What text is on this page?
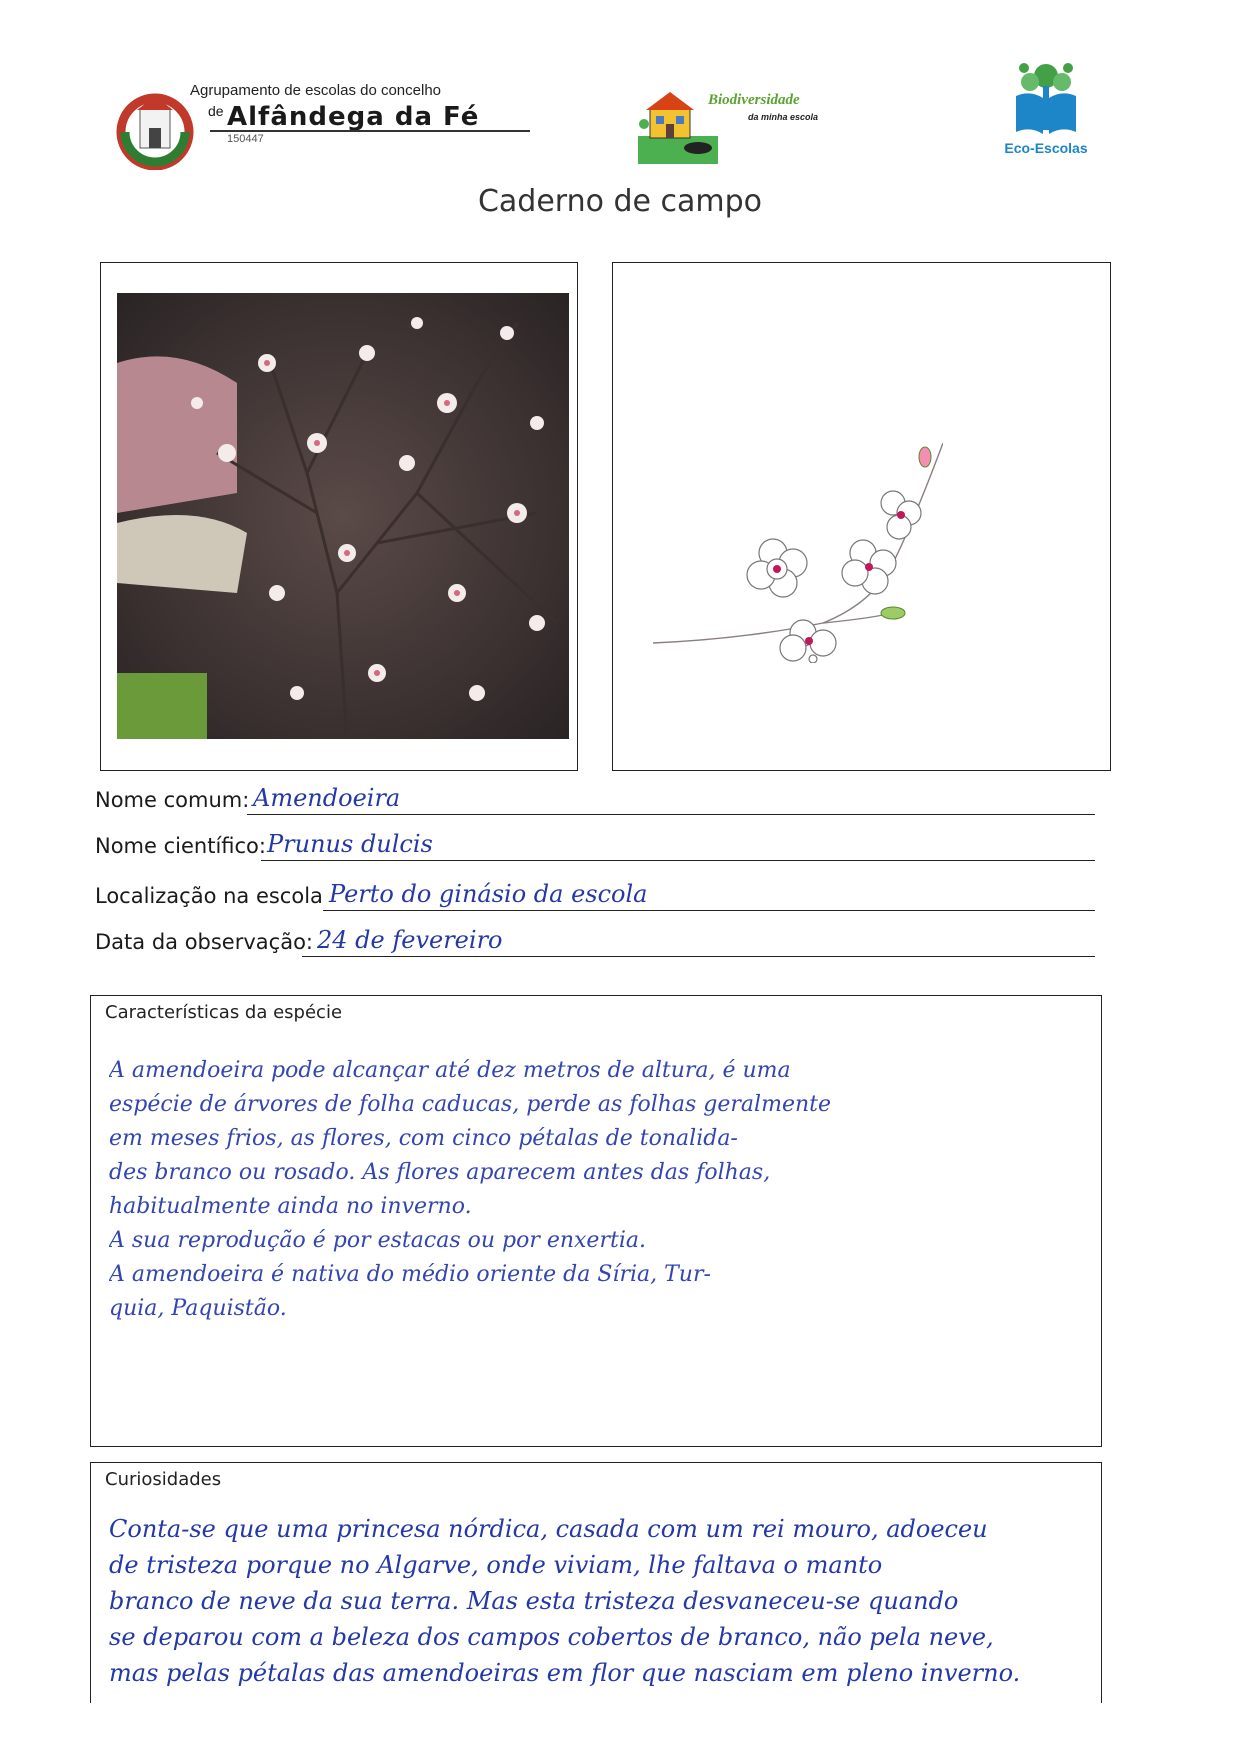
Agrupamento de escolas do concelho
de Alfândega da Fé
150447
Biodiversidade
da minha escola
Eco-Escolas
Caderno de campo
Nome comum: Amendoeira
Nome científico: Prunus dulcis
Localização na escola Perto do ginásio da escola
Data da observação: 24 de fevereiro
Características da espécie
A amendoeira pode alcançar até dez metros de altura, é uma
espécie de árvores de folha caducas, perde as folhas geralmente
em meses frios, as flores, com cinco pétalas de tonalida-
des branco ou rosado. As flores aparecem antes das folhas,
habitualmente ainda no inverno.
A sua reprodução é por estacas ou por enxertia.
A amendoeira é nativa do médio oriente da Síria, Tur-
quia, Paquistão.
Curiosidades
Conta-se que uma princesa nórdica, casada com um rei mouro, adoeceu
de tristeza porque no Algarve, onde viviam, lhe faltava o manto
branco de neve da sua terra. Mas esta tristeza desvaneceu-se quando
se deparou com a beleza dos campos cobertos de branco, não pela neve,
mas pelas pétalas das amendoeiras em flor que nasciam em pleno inverno.
